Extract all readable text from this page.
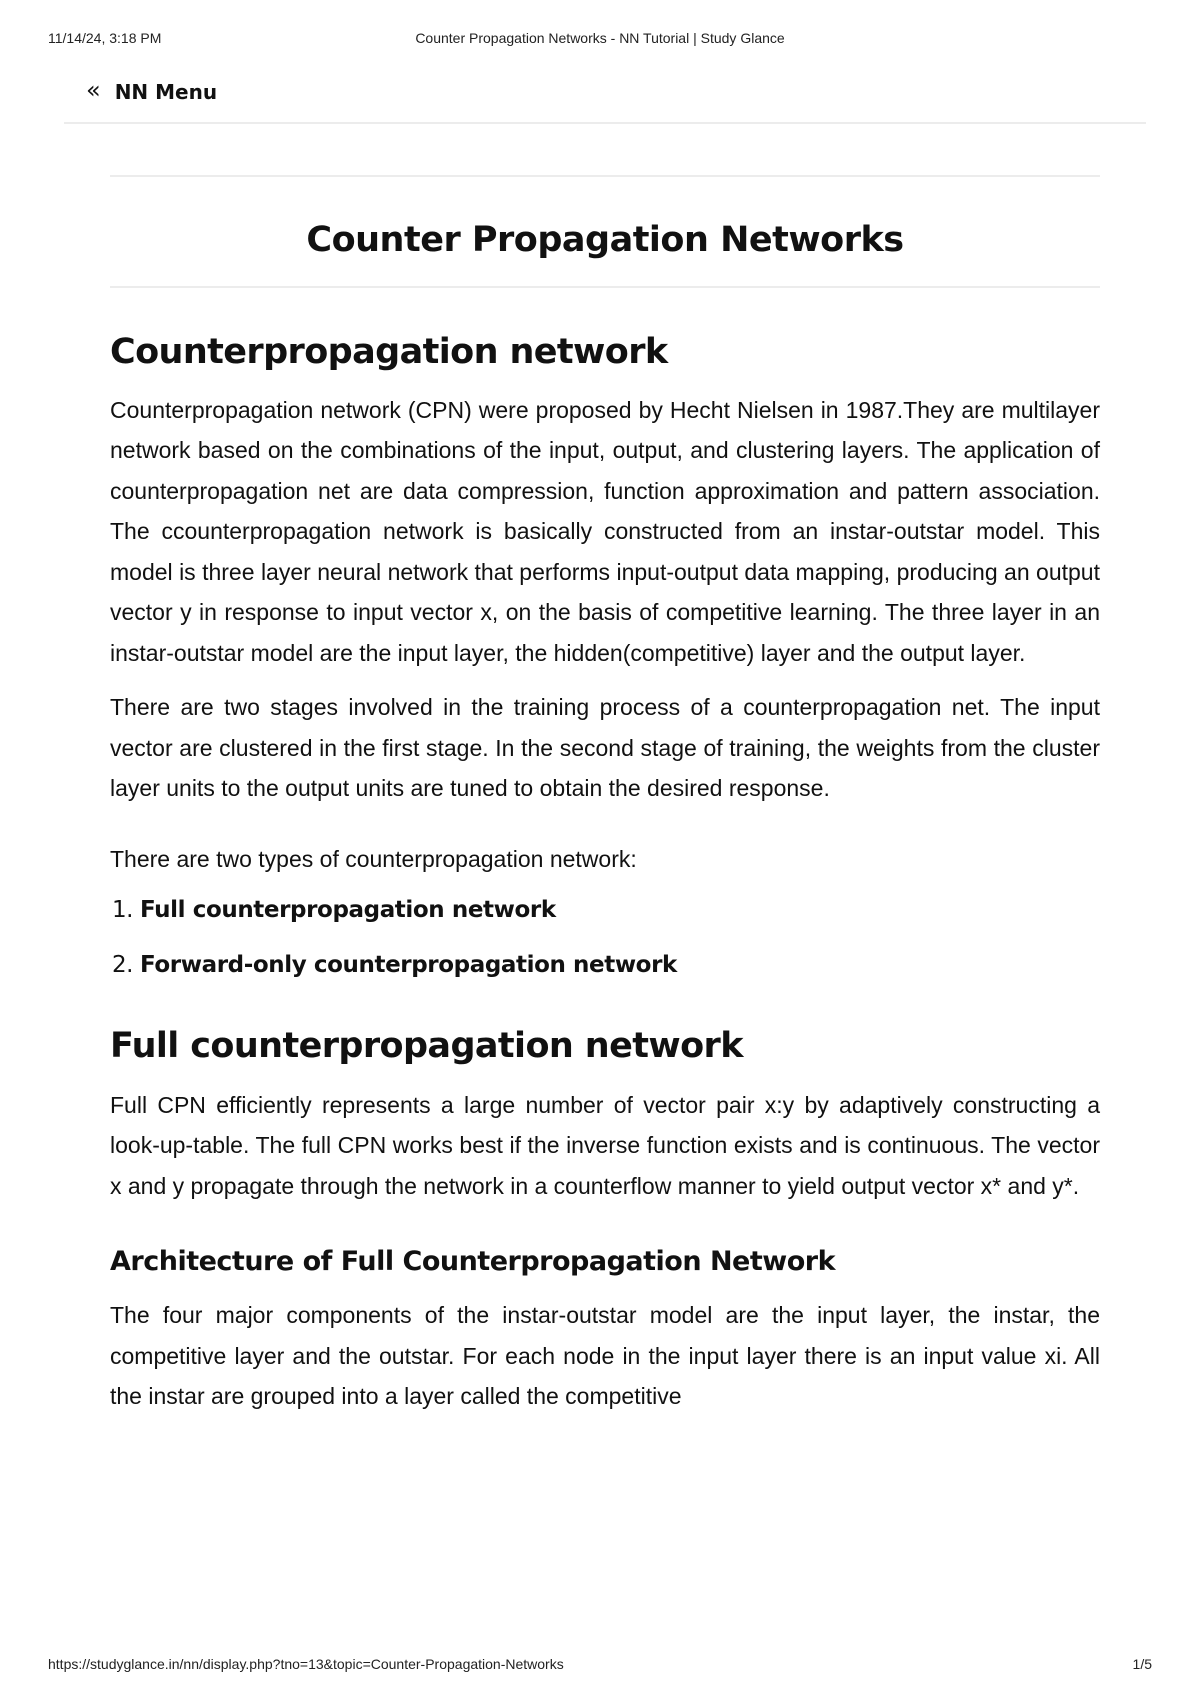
11/14/24, 3:18 PM	Counter Propagation Networks - NN Tutorial | Study Glance
« NN Menu
Counter Propagation Networks
Counterpropagation network

Counterpropagation network (CPN) were proposed by Hecht Nielsen in 1987.They are multilayer network based on the combinations of the input, output, and clustering layers. The application of counterpropagation net are data compression, function approximation and pattern association. The ccounterpropagation network is basically constructed from an instar-outstar model. This model is three layer neural network that performs input-output data mapping, producing an output vector y in response to input vector x, on the basis of competitive learning. The three layer in an instar-outstar model are the input layer, the hidden(competitive) layer and the output layer.

There are two stages involved in the training process of a counterpropagation net. The input vector are clustered in the first stage. In the second stage of training, the weights from the cluster layer units to the output units are tuned to obtain the desired response.

There are two types of counterpropagation network:

1. Full counterpropagation network
2. Forward-only counterpropagation network
Full counterpropagation network

Full CPN efficiently represents a large number of vector pair x:y by adaptively constructing a look-up-table. The full CPN works best if the inverse function exists and is continuous. The vector x and y propagate through the network in a counterflow manner to yield output vector x* and y*.

Architecture of Full Counterpropagation Network

The four major components of the instar-outstar model are the input layer, the instar, the competitive layer and the outstar. For each node in the input layer there is an input value xi. All the instar are grouped into a layer called the competitive

https://studyglance.in/nn/display.php?tno=13&topic=Counter-Propagation-Networks	1/5
